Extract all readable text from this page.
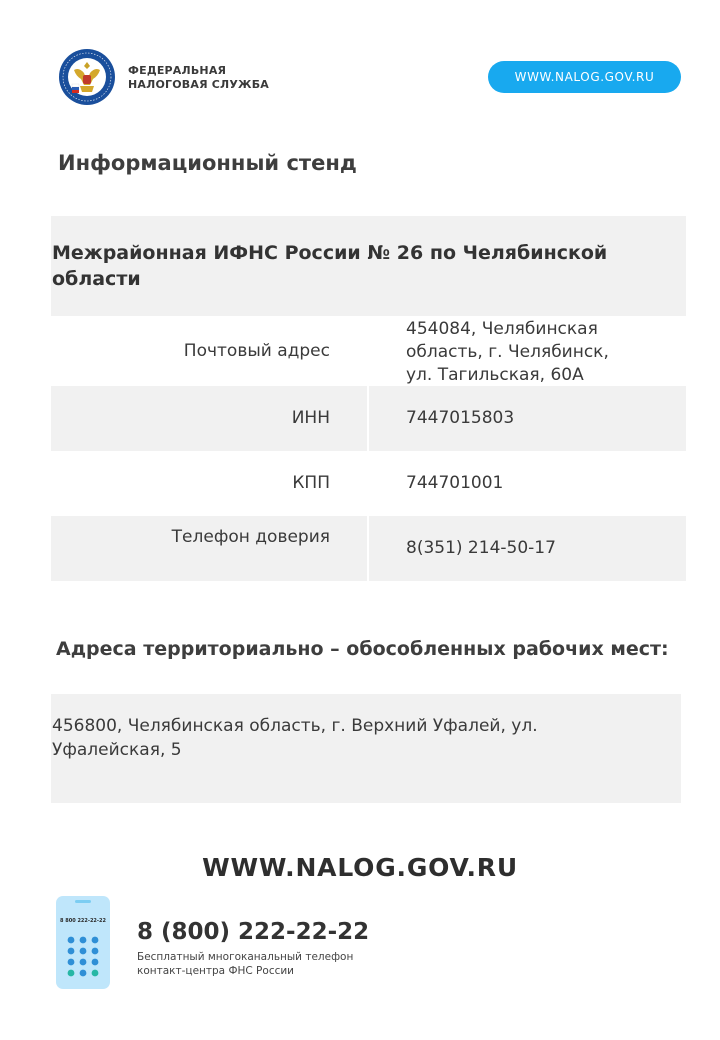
ФЕДЕРАЛЬНАЯ
НАЛОГОВАЯ СЛУЖБА
WWW.NALOG.GOV.RU
Информационный стенд
Межрайонная ИФНС России № 26 по Челябинской области
Почтовый адрес
454084, Челябинская
область, г. Челябинск,
ул. Тагильская, 60А
ИНН	7447015803
КПП	744701001
Телефон доверия
8(351) 214-50-17
Адреса территориально – обособленных рабочих мест:
456800, Челябинская область, г. Верхний Уфалей, ул.
Уфалейская, 5
WWW.NALOG.GOV.RU
8 800 222-22-22 8 (800) 222-22-22
Бесплатный многоканальный телефон
контакт-центра ФНС России
